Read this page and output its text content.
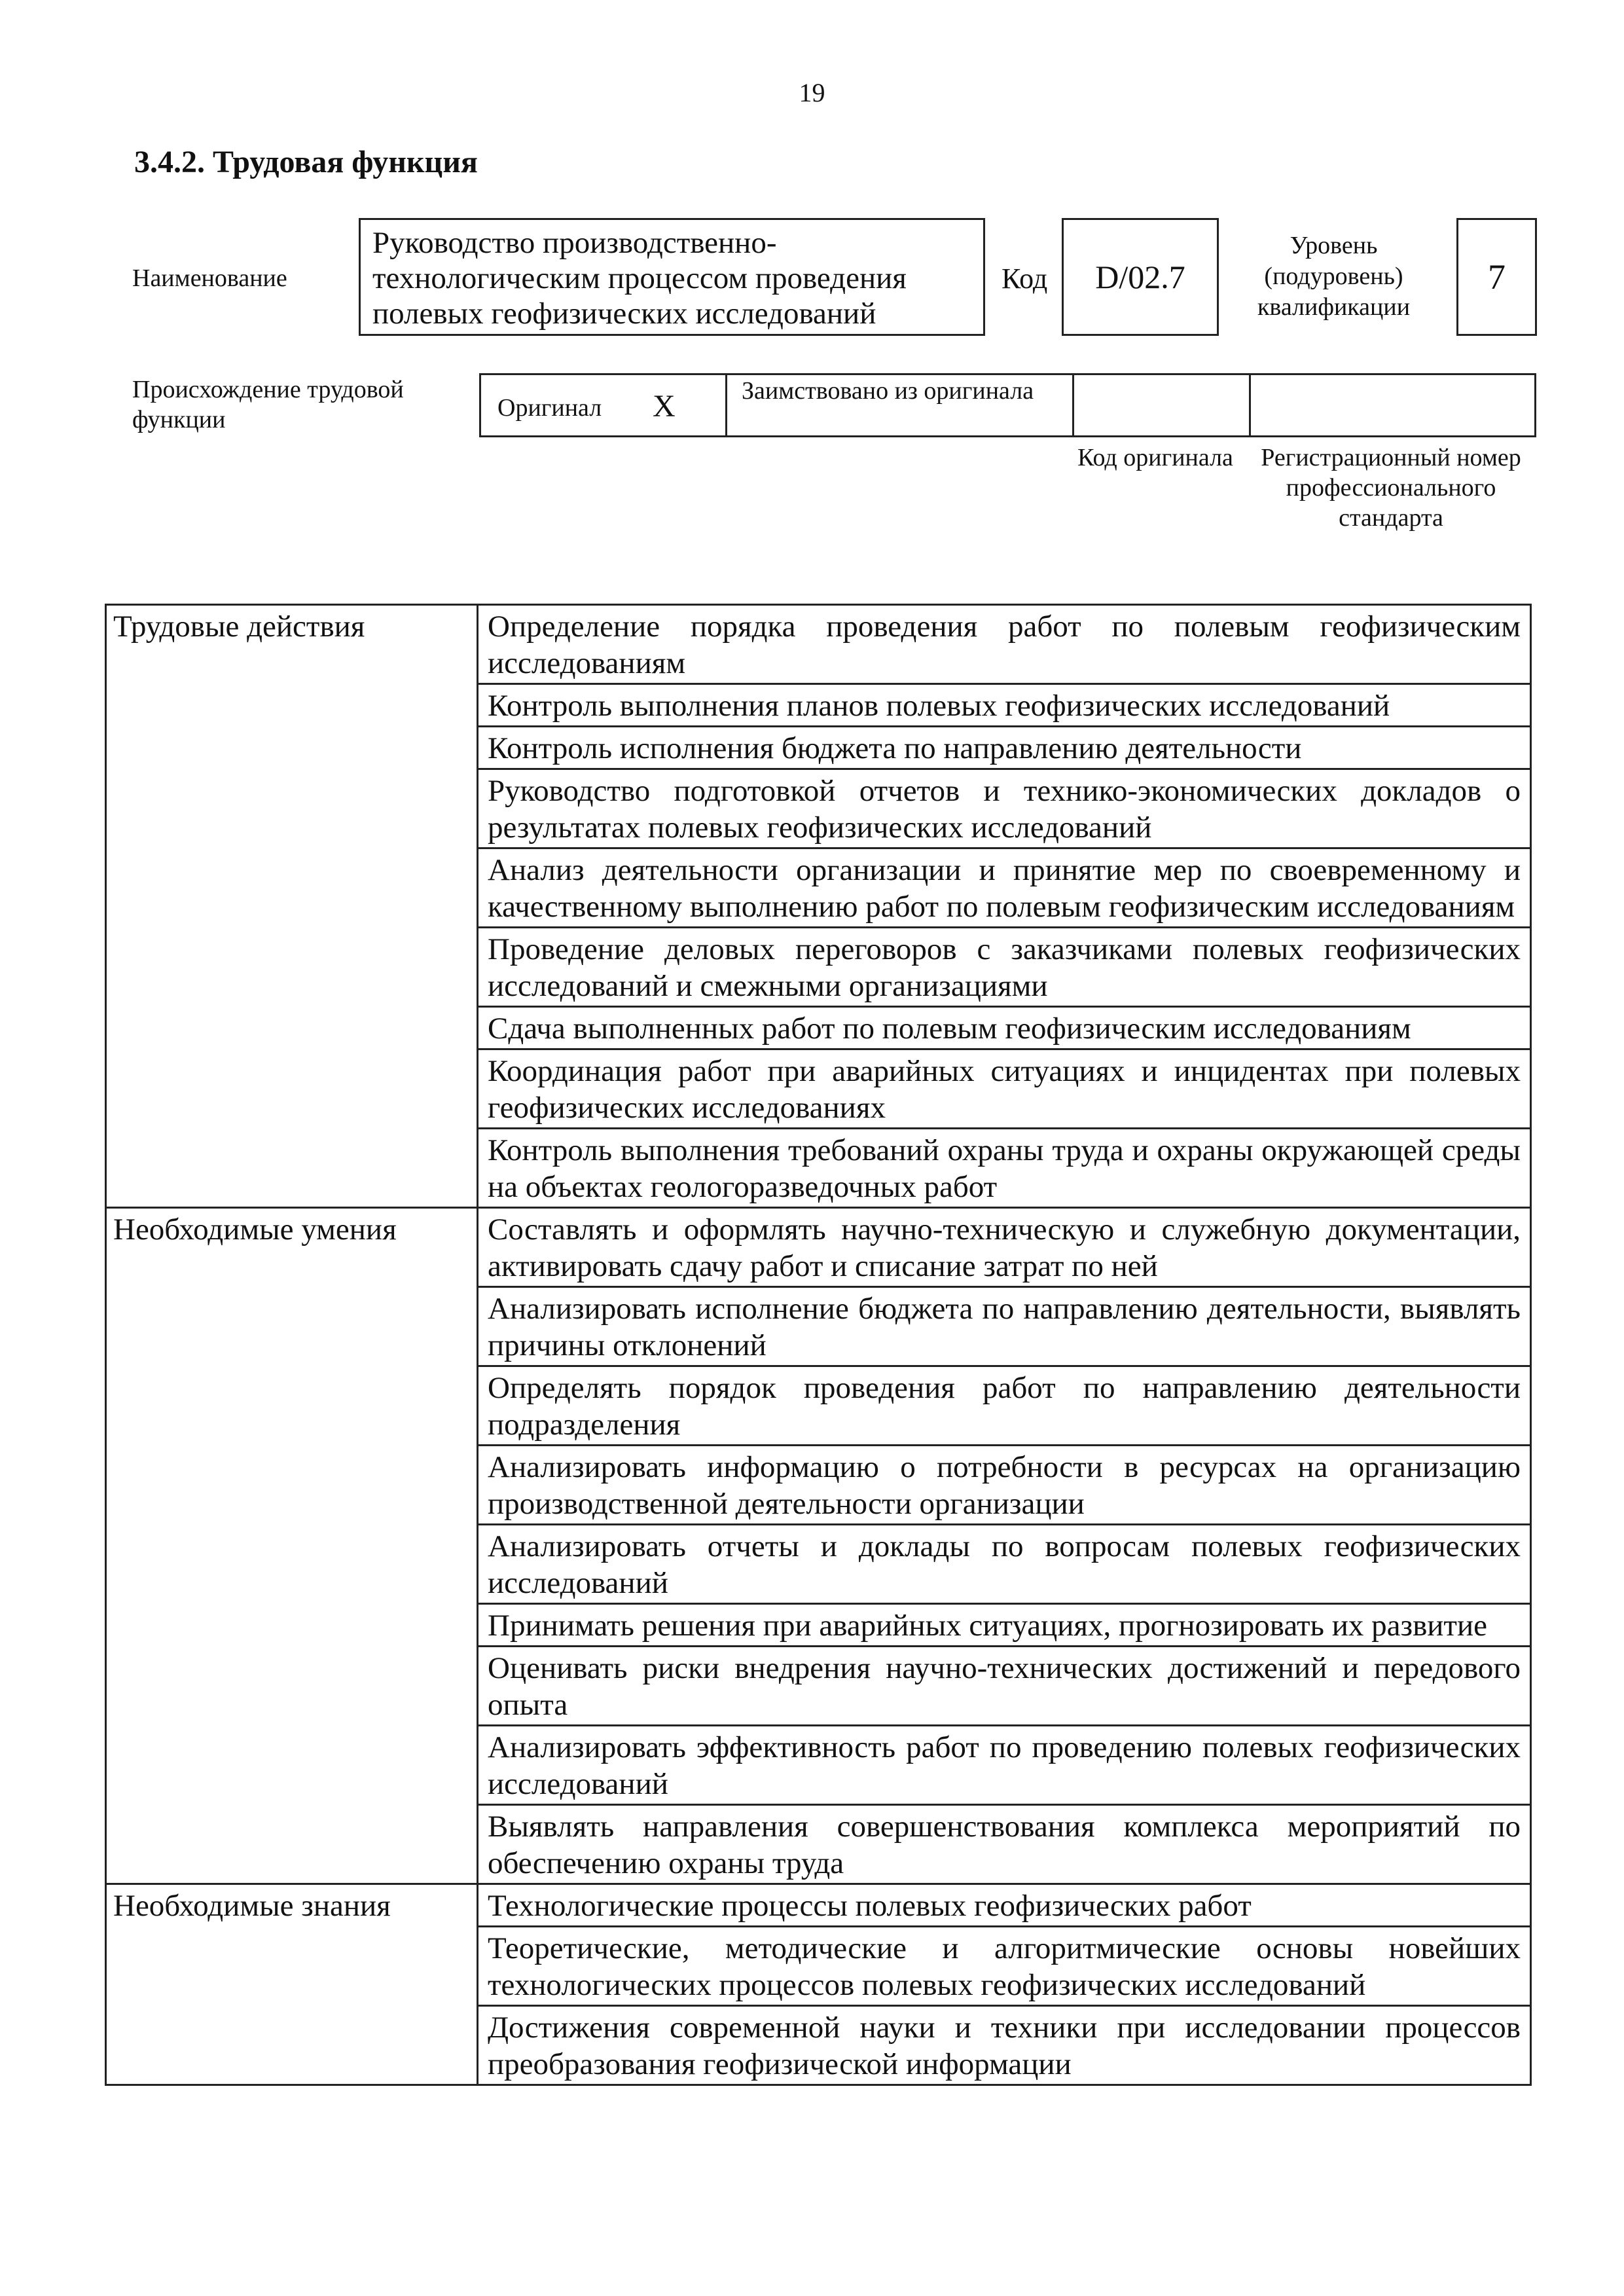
19
3.4.2. Трудовая функция
Наименование
Руководство производственно-технологическим процессом проведения полевых геофизических исследований
Код	D/02.7
Уровень (подуровень) квалификации
7
Происхождение трудовой функции	Оригинал X	Заимствовано из оригинала
Код оригинала	Регистрационный номер профессионального стандарта
Трудовые действия	Определение порядка проведения работ по полевым геофизическим исследованиям
	Контроль выполнения планов полевых геофизических исследований
	Контроль исполнения бюджета по направлению деятельности
	Руководство подготовкой отчетов и технико-экономических докладов о результатах полевых геофизических исследований
	Анализ деятельности организации и принятие мер по своевременному и качественному выполнению работ по полевым геофизическим исследованиям
	Проведение деловых переговоров с заказчиками полевых геофизических исследований и смежными организациями
	Сдача выполненных работ по полевым геофизическим исследованиям
	Координация работ при аварийных ситуациях и инцидентах при полевых геофизических исследованиях
	Контроль выполнения требований охраны труда и охраны окружающей среды на объектах геологоразведочных работ
Необходимые умения	Составлять и оформлять научно-техническую и служебную документации, активировать сдачу работ и списание затрат по ней
	Анализировать исполнение бюджета по направлению деятельности, выявлять причины отклонений
	Определять порядок проведения работ по направлению деятельности подразделения
	Анализировать информацию о потребности в ресурсах на организацию производственной деятельности организации
	Анализировать отчеты и доклады по вопросам полевых геофизических исследований
	Принимать решения при аварийных ситуациях, прогнозировать их развитие
	Оценивать риски внедрения научно-технических достижений и передового опыта
	Анализировать эффективность работ по проведению полевых геофизических исследований
	Выявлять направления совершенствования комплекса мероприятий по обеспечению охраны труда
Необходимые знания	Технологические процессы полевых геофизических работ
	Теоретические, методические и алгоритмические основы новейших технологических процессов полевых геофизических исследований
	Достижения современной науки и техники при исследовании процессов преобразования геофизической информации
